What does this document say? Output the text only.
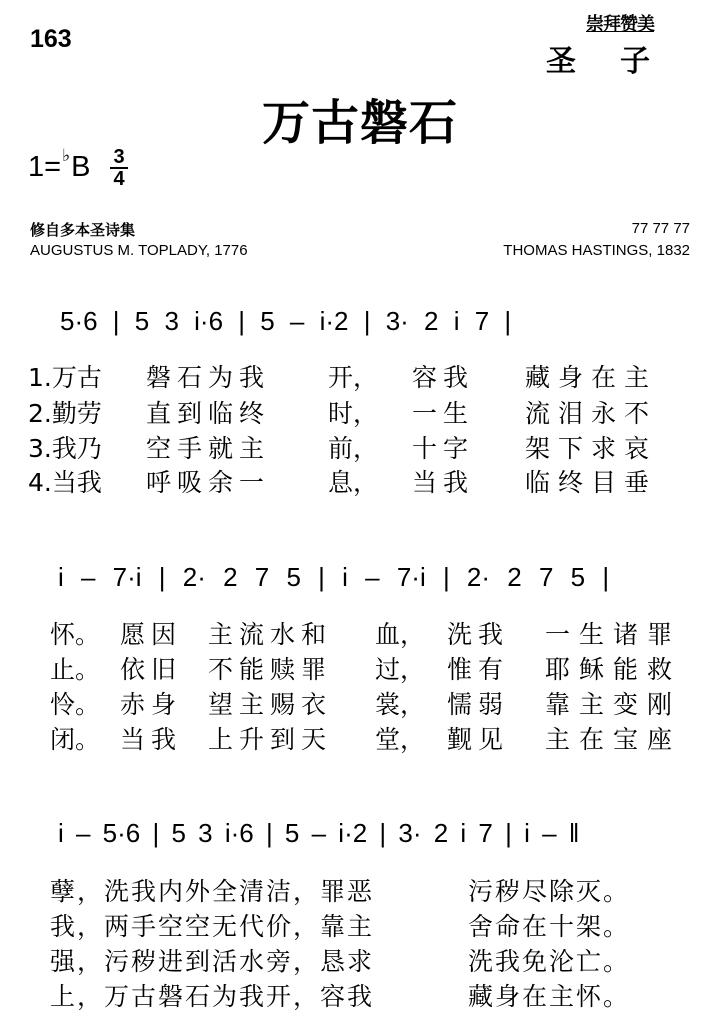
163
崇拜赞美
圣子
万古磐石
1=♭B 3
4
修自多本圣诗集	77 77 77
AUGUSTUS M. TOPLADY, 1776	THOMAS HASTINGS, 1832
5·6 | 5 3 i·6 | 5 – i·2 | 3· 2 i 7 |
i – 7·i | 2· 2 7 5 | i – 7·i | 2· 2 7 5 |
i – 5·6 | 5 3 i·6 | 5 – i·2 | 3· 2 i 7 | i – ‖
1.万古 磐石为我 开， 容我 藏身在主
2.勤劳 直到临终 时， 一生 流泪永不
3.我乃 空手就主 前， 十字 架下求哀
4.当我 呼吸余一 息， 当我 临终目垂
怀。 愿因 主流水和 血， 洗我 一生诸罪
止。 依旧 不能赎罪 过， 惟有 耶稣能救
怜。 赤身 望主赐衣 裳， 懦弱 靠主变刚
闭。 当我 上升到天 堂， 觐见 主在宝座
孽，洗我内外全清洁，罪恶	污秽尽除灭。
我，两手空空无代价，靠主	舍命在十架。
强，污秽进到活水旁，恳求	洗我免沦亡。
上，万古磐石为我开，容我	藏身在主怀。
